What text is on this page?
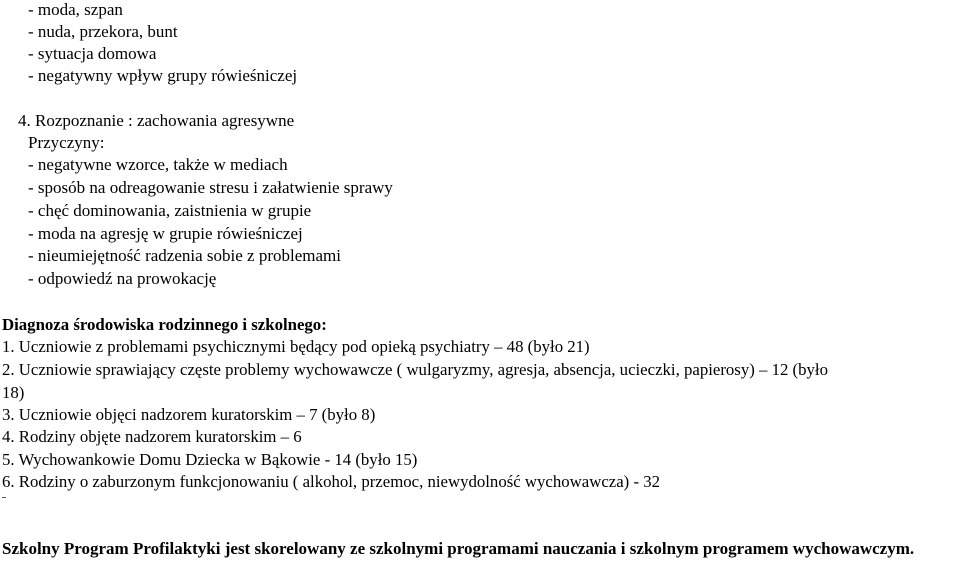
- moda, szpan
- nuda, przekora, bunt
- sytuacja domowa
- negatywny wpływ grupy rówieśniczej
4. Rozpoznanie : zachowania agresywne
Przyczyny:
- negatywne wzorce, także w mediach
- sposób na odreagowanie stresu i załatwienie sprawy
- chęć dominowania, zaistnienia w grupie
- moda na agresję w grupie rówieśniczej
- nieumiejętność radzenia sobie z problemami
- odpowiedź na prowokację
Diagnoza środowiska rodzinnego i szkolnego:
1. Uczniowie z problemami psychicznymi będący pod opieką psychiatry – 48 (było 21)
2. Uczniowie sprawiający częste problemy wychowawcze ( wulgaryzmy, agresja, absencja, ucieczki, papierosy) – 12 (było
18)
3. Uczniowie objęci nadzorem kuratorskim – 7 (było 8)
4. Rodziny objęte nadzorem kuratorskim – 6
5. Wychowankowie Domu Dziecka w Bąkowie - 14 (było 15)
6. Rodziny o zaburzonym funkcjonowaniu ( alkohol, przemoc, niewydolność wychowawcza) - 32
Szkolny Program Profilaktyki jest skorelowany ze szkolnymi programami nauczania i szkolnym programem wychowawczym.
